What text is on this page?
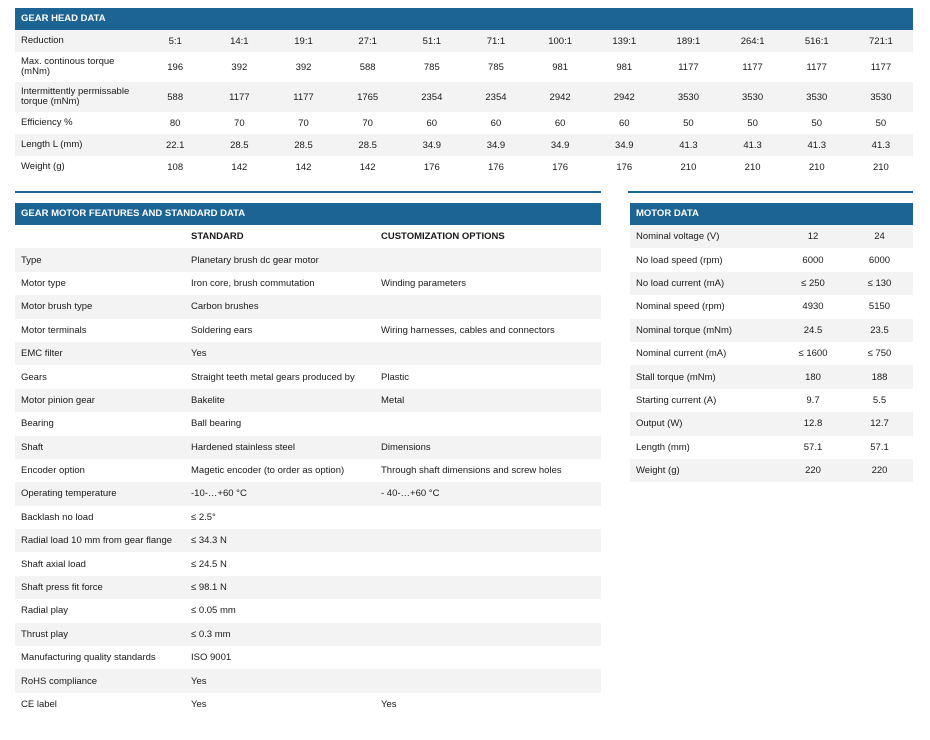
GEAR HEAD DATA
Reduction	5:1	14:1	19:1	27:1	51:1	71:1	100:1	139:1	189:1	264:1	516:1	721:1
Max. continous torque (mNm)	196	392	392	588	785	785	981	981	1177	1177	1177	1177
Intermittently permissable torque (mNm)	588	1177	1177	1765	2354	2354	2942	2942	3530	3530	3530	3530
Efficiency %	80	70	70	70	60	60	60	60	50	50	50	50
Length L (mm)	22.1	28.5	28.5	28.5	34.9	34.9	34.9	34.9	41.3	41.3	41.3	41.3
Weight (g)	108	142	142	142	176	176	176	176	210	210	210	210
GEAR MOTOR FEATURES AND STANDARD DATA
	STANDARD	CUSTOMIZATION OPTIONS
Type	Planetary brush dc gear motor	
Motor type	Iron core, brush commutation	Winding parameters
Motor brush type	Carbon brushes	
Motor terminals	Soldering ears	Wiring harnesses, cables and connectors
EMC filter	Yes	
Gears	Straight teeth metal gears produced by	Plastic
Motor pinion gear	Bakelite	Metal
Bearing	Ball bearing	
Shaft	Hardened stainless steel	Dimensions
Encoder option	Magetic encoder (to order as option)	Through shaft dimensions and screw holes
Operating temperature	-10-…+60 °C	- 40-…+60 °C
Backlash no load	≤ 2.5°	
Radial load 10 mm from gear flange	≤ 34.3 N	
Shaft axial load	≤ 24.5 N	
Shaft press fit force	≤ 98.1 N	
Radial play	≤ 0.05 mm	
Thrust play	≤ 0.3 mm	
Manufacturing quality standards	ISO 9001	
RoHS compliance	Yes	
CE label	Yes	Yes
MOTOR DATA
Nominal voltage (V)	12	24
No load speed (rpm)	6000	6000
No load current (mA)	≤ 250	≤ 130
Nominal speed (rpm)	4930	5150
Nominal torque (mNm)	24.5	23.5
Nominal current (mA)	≤ 1600	≤ 750
Stall torque (mNm)	180	188
Starting current (A)	9.7	5.5
Output (W)	12.8	12.7
Length (mm)	57.1	57.1
Weight (g)	220	220
